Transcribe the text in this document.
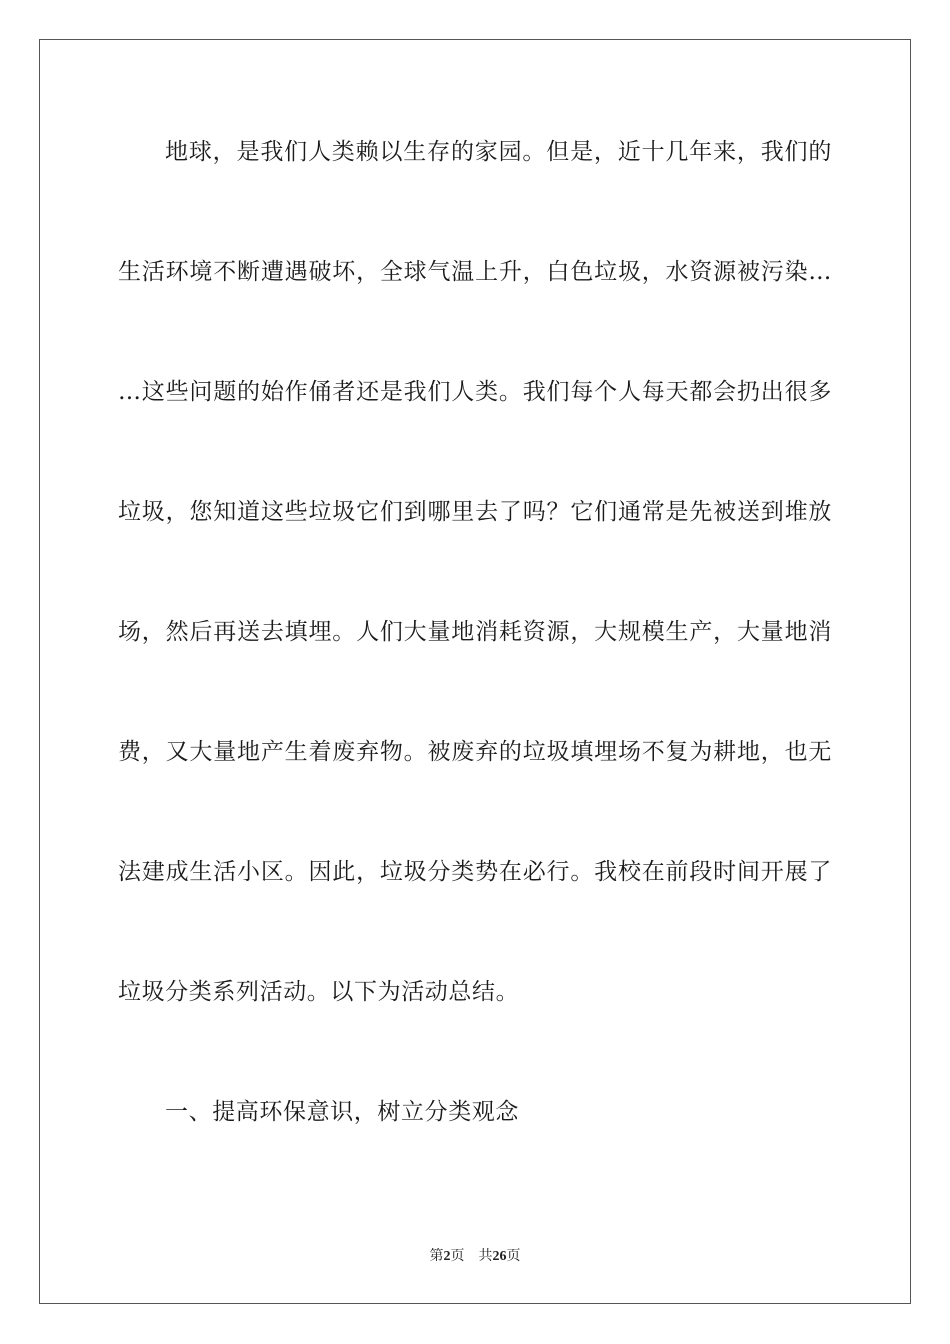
地球，是我们人类赖以生存的家园。但是，近十几年来，我们的
生活环境不断遭遇破坏，全球气温上升，白色垃圾，水资源被污染…
…这些问题的始作俑者还是我们人类。我们每个人每天都会扔出很多
垃圾，您知道这些垃圾它们到哪里去了吗？它们通常是先被送到堆放
场，然后再送去填埋。人们大量地消耗资源，大规模生产，大量地消
费，又大量地产生着废弃物。被废弃的垃圾填埋场不复为耕地，也无
法建成生活小区。因此，垃圾分类势在必行。我校在前段时间开展了
垃圾分类系列活动。以下为活动总结。
一、提高环保意识，树立分类观念
第2页 共26页
